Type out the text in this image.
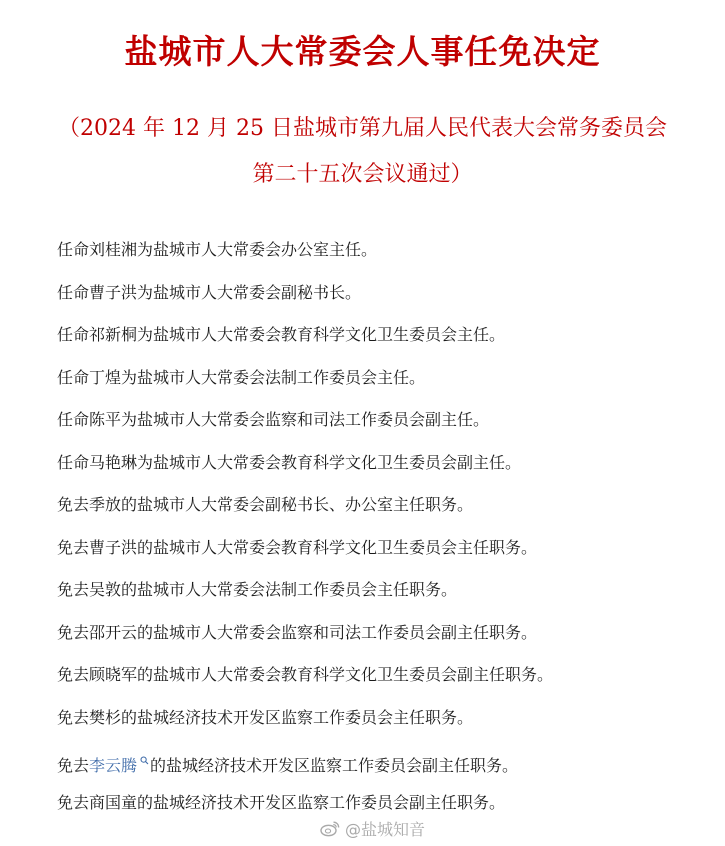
盐城市人大常委会人事任免决定
（2024 年 12 月 25 日盐城市第九届人民代表大会常务委员会
第二十五次会议通过）
任命刘桂湘为盐城市人大常委会办公室主任。
任命曹子洪为盐城市人大常委会副秘书长。
任命祁新桐为盐城市人大常委会教育科学文化卫生委员会主任。
任命丁煌为盐城市人大常委会法制工作委员会主任。
任命陈平为盐城市人大常委会监察和司法工作委员会副主任。
任命马艳琳为盐城市人大常委会教育科学文化卫生委员会副主任。
免去季放的盐城市人大常委会副秘书长、办公室主任职务。
免去曹子洪的盐城市人大常委会教育科学文化卫生委员会主任职务。
免去吴敦的盐城市人大常委会法制工作委员会主任职务。
免去邵开云的盐城市人大常委会监察和司法工作委员会副主任职务。
免去顾晓军的盐城市人大常委会教育科学文化卫生委员会副主任职务。
免去樊杉的盐城经济技术开发区监察工作委员会主任职务。
免去李云腾 的盐城经济技术开发区监察工作委员会副主任职务。
免去商国童的盐城经济技术开发区监察工作委员会副主任职务。
@盐城知音
